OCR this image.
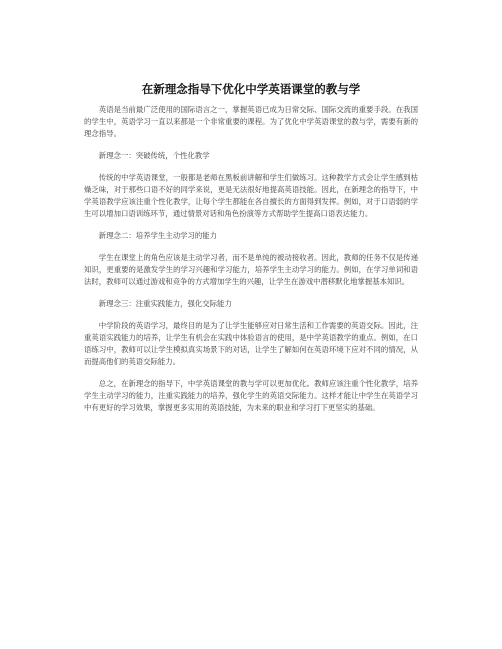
在新理念指导下优化中学英语课堂的教与学

英语是当前最广泛使用的国际语言之一，掌握英语已成为日常交际、国际交流的重要手段。在我国的学生中，英语学习一直以来都是一个非常重要的课程。为了优化中学英语课堂的教与学，需要有新的理念指导。

新理念一：突破传统，个性化教学

传统的中学英语课堂，一般都是老师在黑板前讲解和学生们做练习。这种教学方式会让学生感到枯燥乏味，对于那些口语不好的同学来说，更是无法很好地提高英语技能。因此，在新理念的指导下，中学英语教学应该注重个性化教学，让每个学生都能在各自擅长的方面得到发挥。例如，对于口语弱的学生可以增加口语训练环节，通过情景对话和角色扮演等方式帮助学生提高口语表达能力。

新理念二：培养学生主动学习的能力

学生在课堂上的角色应该是主动学习者，而不是单纯的被动接收者。因此，教师的任务不仅是传递知识，更重要的是激发学生的学习兴趣和学习能力，培养学生主动学习的能力。例如，在学习单词和语法时，教师可以通过游戏和竞争的方式增加学生的兴趣，让学生在游戏中潜移默化地掌握基本知识。

新理念三：注重实践能力，强化交际能力

中学阶段的英语学习，最终目的是为了让学生能够应对日常生活和工作需要的英语交际。因此，注重英语实践能力的培养，让学生有机会在实践中体验语言的使用，是中学英语教学的重点。例如，在口语练习中，教师可以让学生模拟真实场景下的对话，让学生了解如何在英语环境下应对不同的情况，从而提高他们的英语交际能力。

总之，在新理念的指导下，中学英语课堂的教与学可以更加优化。教师应该注重个性化教学，培养学生主动学习的能力，注重实践能力的培养，强化学生的英语交际能力。这样才能让中学生在英语学习中有更好的学习效果，掌握更多实用的英语技能，为未来的职业和学习打下更坚实的基础。
